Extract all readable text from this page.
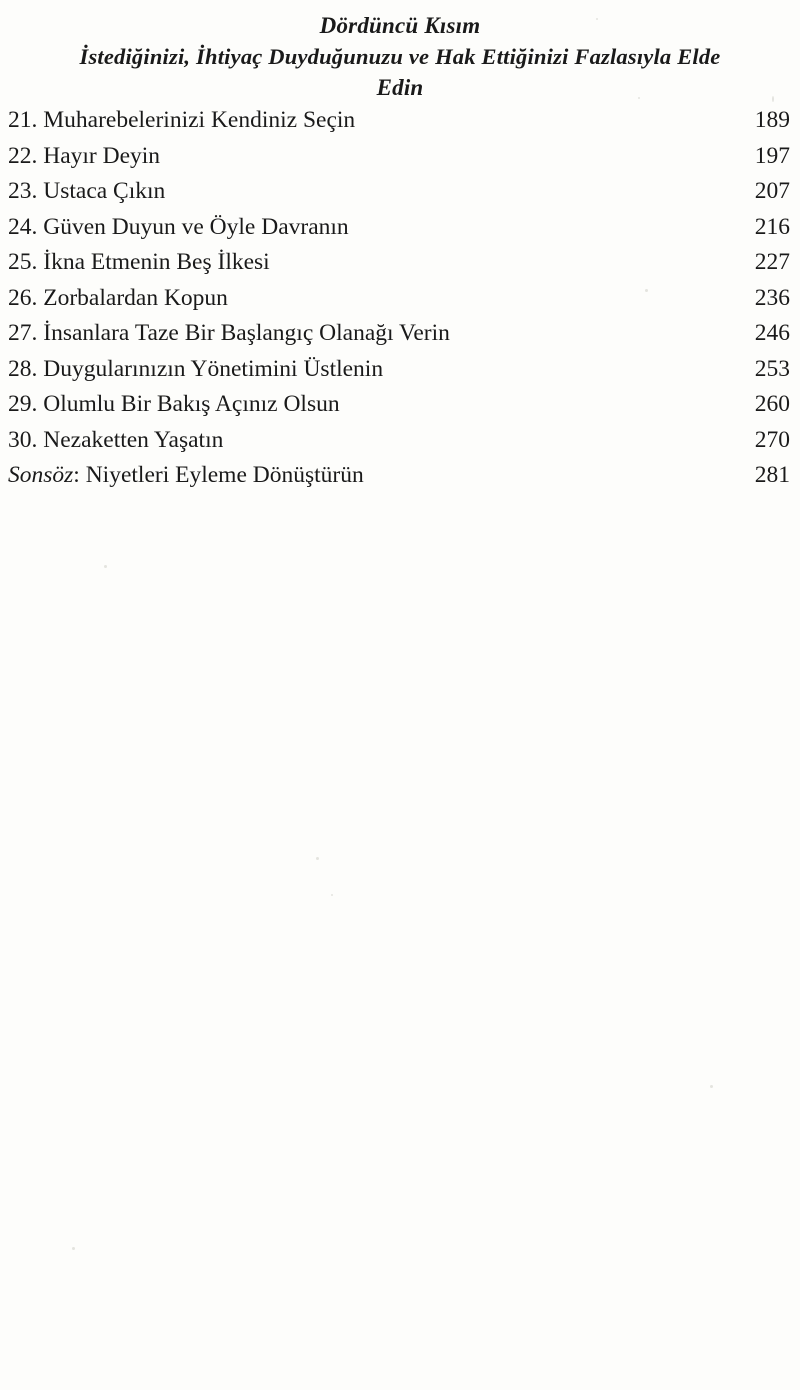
Dördüncü Kısım
İstediğinizi, İhtiyaç Duyduğunuzu ve Hak Ettiğinizi Fazlasıyla Elde
Edin
21. Muharebelerinizi Kendiniz Seçin	189
22. Hayır Deyin	197
23. Ustaca Çıkın	207
24. Güven Duyun ve Öyle Davranın	216
25. İkna Etmenin Beş İlkesi	227
26. Zorbalardan Kopun	236
27. İnsanlara Taze Bir Başlangıç Olanağı Verin	246
28. Duygularınızın Yönetimini Üstlenin	253
29. Olumlu Bir Bakış Açınız Olsun	260
30. Nezaketten Yaşatın	270
Sonsöz: Niyetleri Eyleme Dönüştürün	281
